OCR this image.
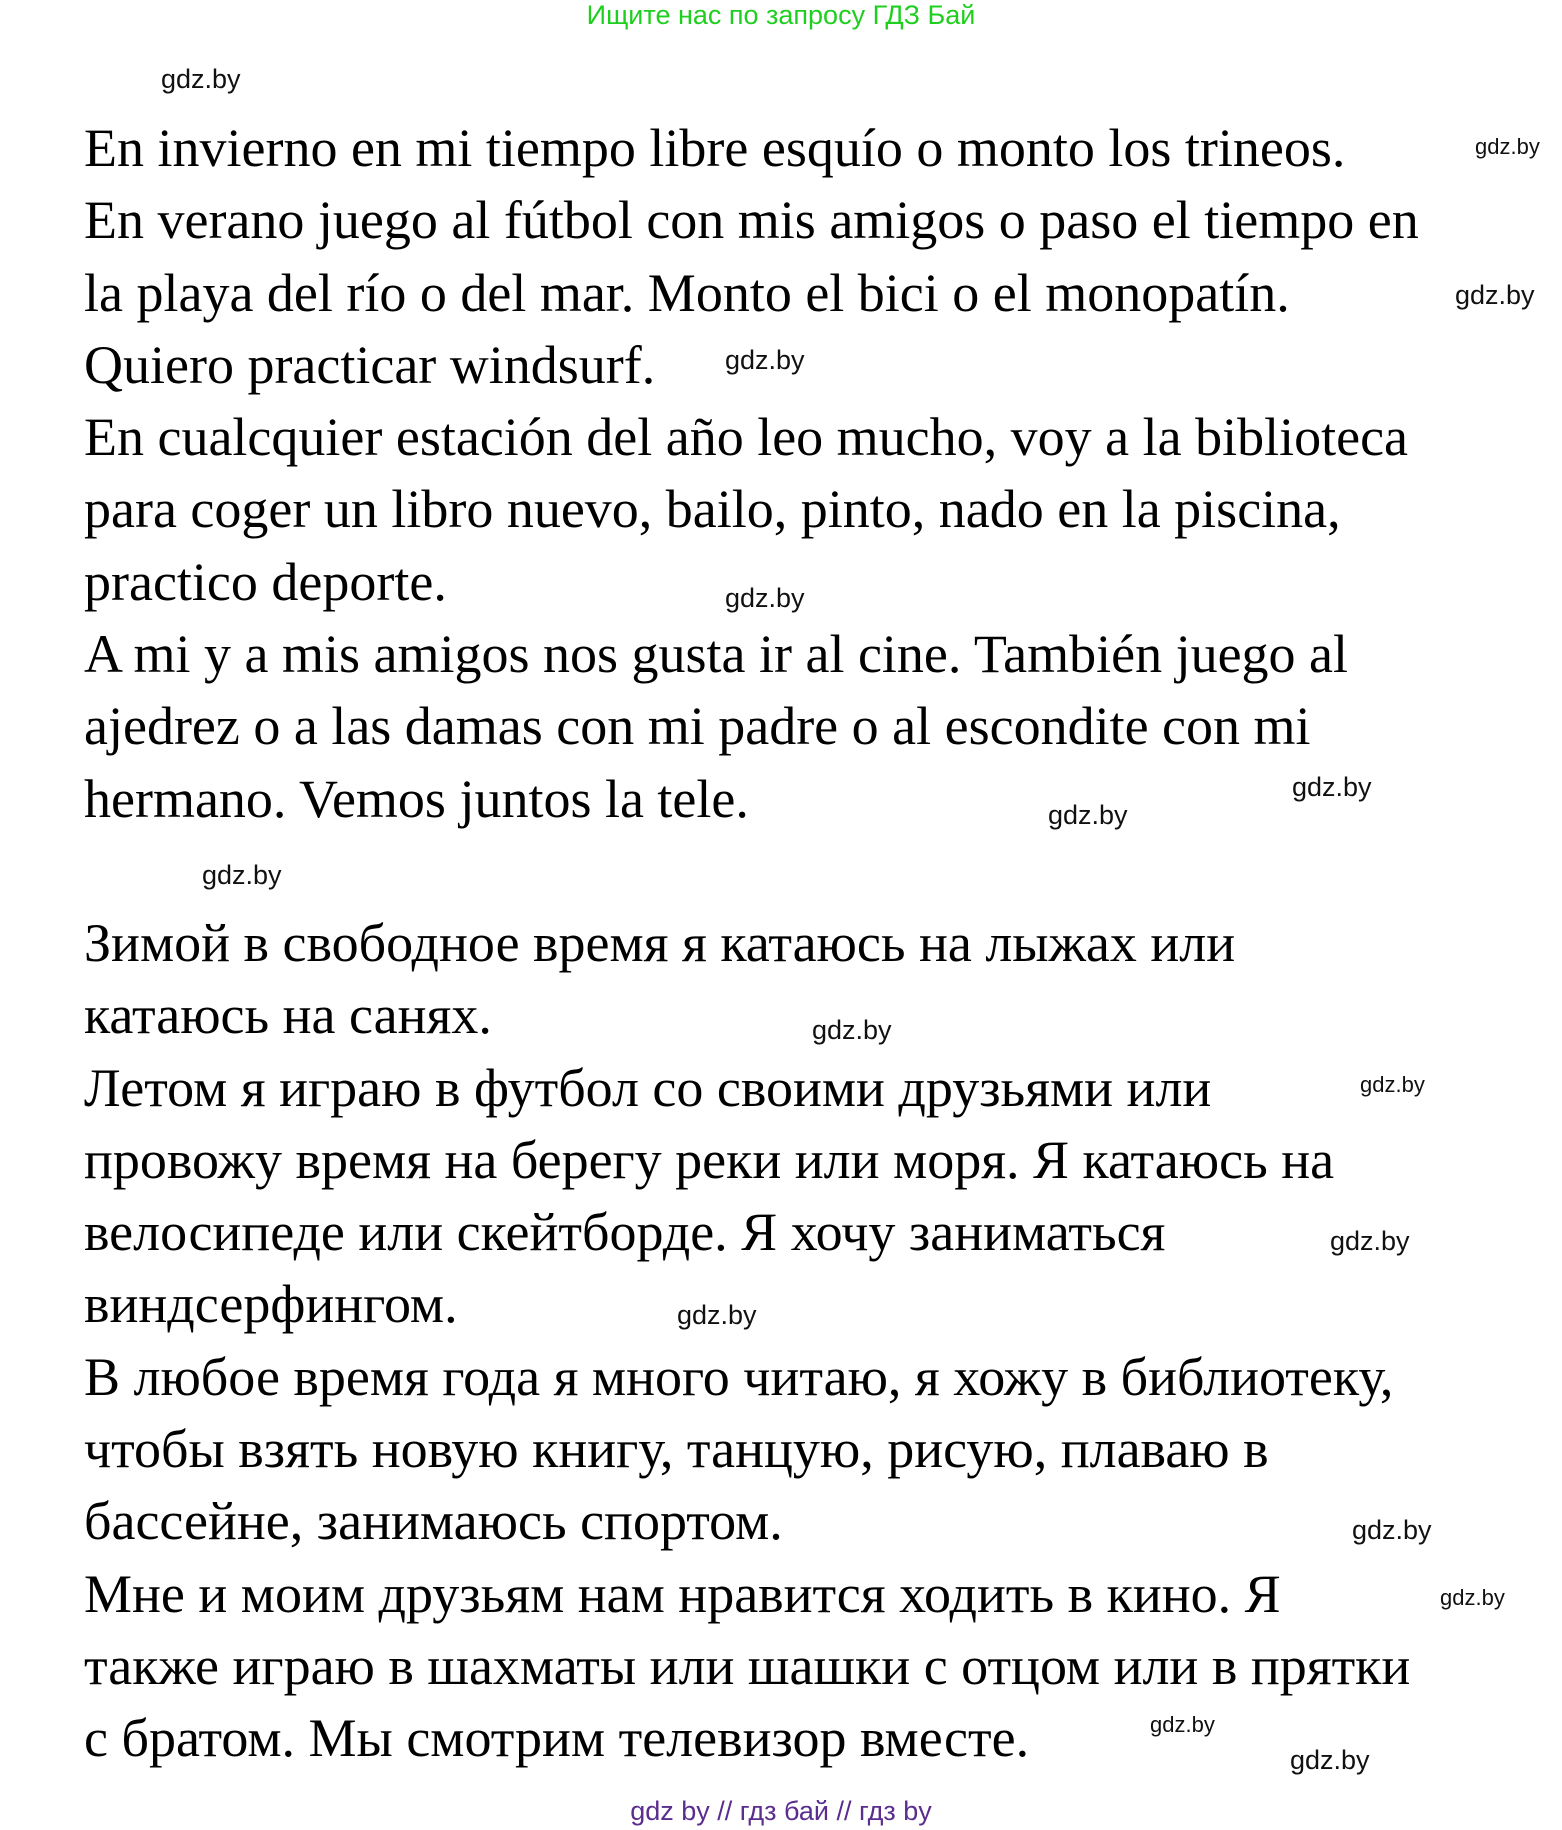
Ищите нас по запросу ГДЗ Бай
En invierno en mi tiempo libre esquío o monto los trineos.
En verano juego al fútbol con mis amigos o paso el tiempo en
la playa del río o del mar. Monto el bici o el monopatín.
Quiero practicar windsurf.
En cualcquier estación del año leo mucho, voy a la biblioteca
para coger un libro nuevo, bailo, pinto, nado en la piscina,
practico deporte.
A mi y a mis amigos nos gusta ir al cine. También juego al
ajedrez o a las damas con mi padre o al escondite con mi
hermano. Vemos juntos la tele.
Зимой в свободное время я катаюсь на лыжах или
катаюсь на санях.
Летом я играю в футбол со своими друзьями или
провожу время на берегу реки или моря. Я катаюсь на
велосипеде или скейтборде. Я хочу заниматься
виндсерфингом.
В любое время года я много читаю, я хожу в библиотеку,
чтобы взять новую книгу, танцую, рисую, плаваю в
бассейне, занимаюсь спортом.
Мне и моим друзьям нам нравится ходить в кино. Я
также играю в шахматы или шашки с отцом или в прятки
с братом. Мы смотрим телевизор вместе.
gdz.by
gdz.by
gdz.by
gdz.by
gdz.by
gdz.by
gdz.by
gdz.by
gdz.by
gdz.by
gdz.by
gdz.by
gdz.by
gdz.by
gdz.by
gdz.by
gdz by // гдз бай // гдз by
